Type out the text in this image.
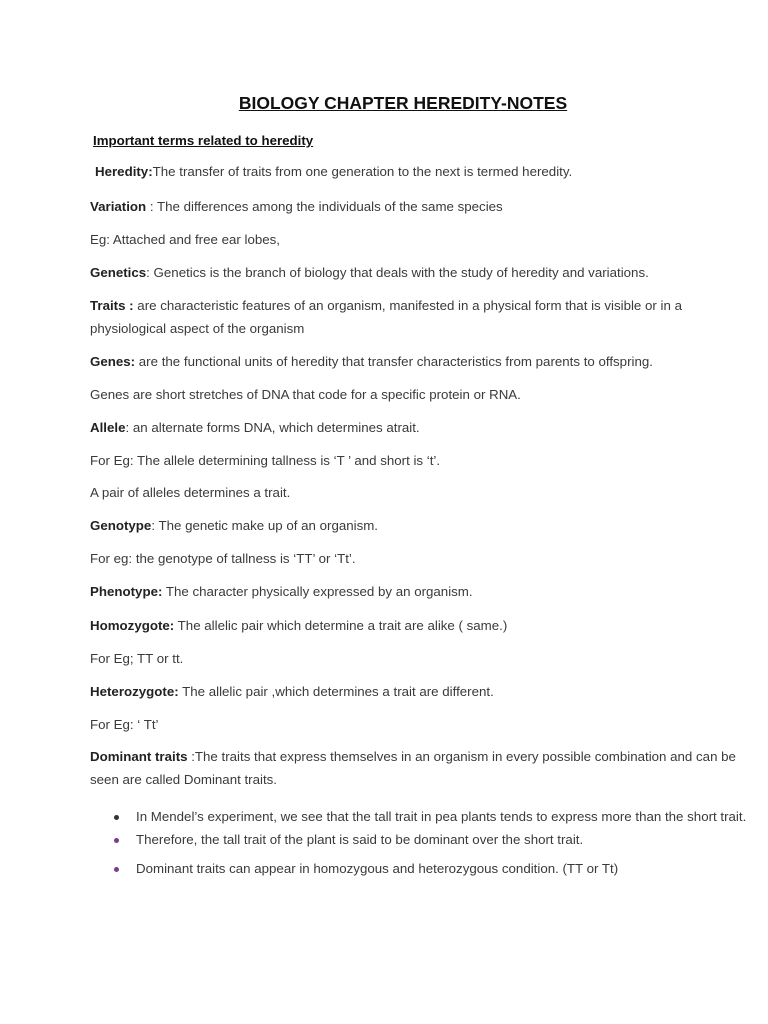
BIOLOGY CHAPTER HEREDITY-NOTES
Important terms related to heredity
Heredity:The transfer of traits from one generation to the next is termed heredity.
Variation : The differences among the individuals of the same species
Eg: Attached and free ear lobes,
Genetics: Genetics is the branch of biology that deals with the study of heredity and variations.
Traits : are characteristic features of an organism, manifested in a physical form that is visible or in a physiological aspect of the organism
Genes: are the functional units of heredity that transfer characteristics from parents to offspring.
Genes are short stretches of DNA that code for a specific protein or RNA.
Allele: an alternate forms DNA, which determines atrait.
For Eg: The allele determining tallness is ‘T ’ and short is ‘t’.
A pair of alleles determines a trait.
Genotype: The genetic make up of an organism.
For eg: the genotype of tallness is ‘TT’ or ‘Tt’.
Phenotype: The character physically expressed by an organism.
Homozygote: The allelic pair which determine a trait are alike ( same.)
For Eg; TT or tt.
Heterozygote: The allelic pair ,which determines a trait are different.
For Eg: ‘ Tt’
Dominant traits :The traits that express themselves in an organism in every possible combination and can be seen are called Dominant traits.
In Mendel’s experiment, we see that the tall trait in pea plants tends to express more than the short trait.
Therefore, the tall trait of the plant is said to be dominant over the short trait.
Dominant traits can appear in homozygous and heterozygous condition. (TT or Tt)
